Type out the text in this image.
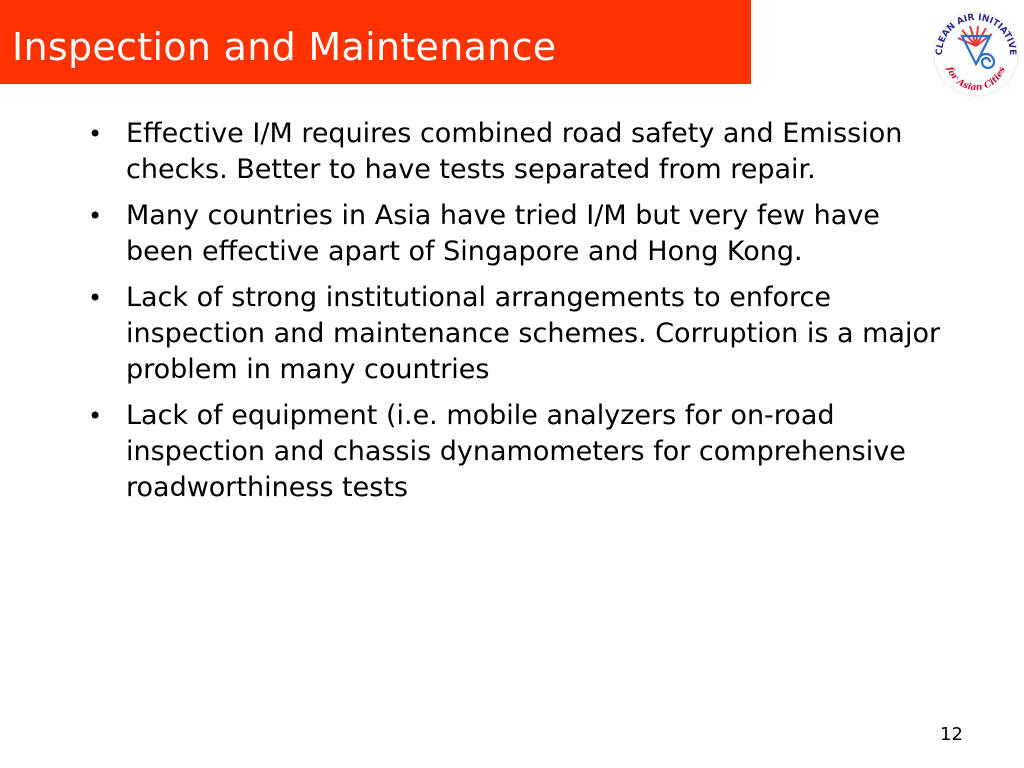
Inspection and Maintenance	CLEAN AIR INITIATIVE
for Asian Cities
• Effective I/M requires combined road safety and Emission checks. Better to have tests separated from repair.
• Many countries in Asia have tried I/M but very few have been effective apart of Singapore and Hong Kong.
• Lack of strong institutional arrangements to enforce inspection and maintenance schemes. Corruption is a major problem in many countries
• Lack of equipment (i.e. mobile analyzers for on-road inspection and chassis dynamometers for comprehensive roadworthiness tests
12
